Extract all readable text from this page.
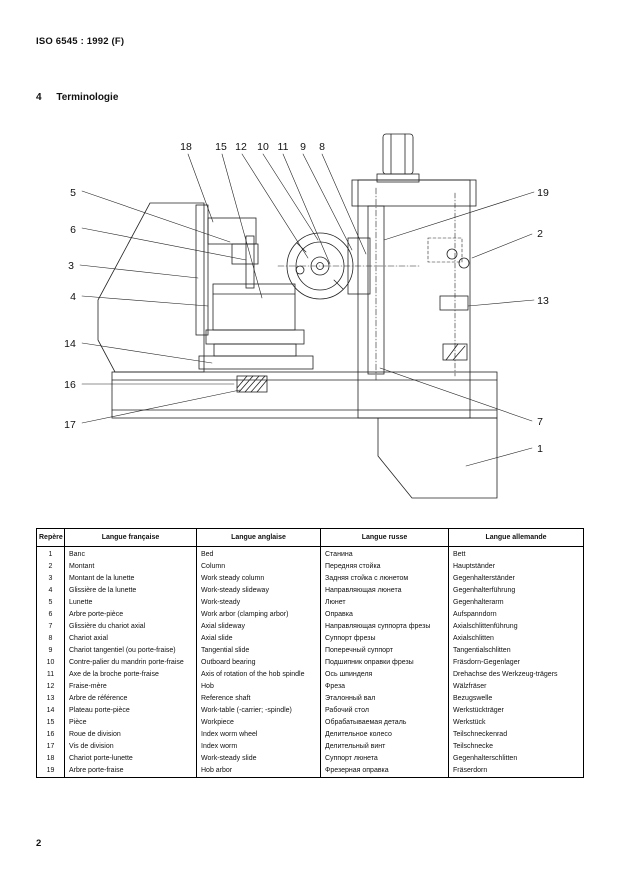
ISO 6545 : 1992 (F)
4 Terminologie
18 15 12 10 11 9 8
5
6
3
4
14
16
17
19
2
13
7
1
Repère	Langue française	Langue anglaise	Langue russe	Langue allemande
1	Banc	Bed	Станина	Bett
2	Montant	Column	Передняя стойка	Hauptständer
3	Montant de la lunette	Work steady column	Задняя стойка с люнетом	Gegenhalterständer
4	Glissière de la lunette	Work-steady slideway	Направляющая люнета	Gegenhalterführung
5	Lunette	Work-steady	Люнет	Gegenhalterarm
6	Arbre porte-pièce	Work arbor (clamping arbor)	Оправка	Aufspanndorn
7	Glissière du chariot axial	Axial slideway	Направляющая суппорта фрезы	Axialschlittenführung
8	Chariot axial	Axial slide	Суппорт фрезы	Axialschlitten
9	Chariot tangentiel (ou porte-fraise)	Tangential slide	Поперечный суппорт	Tangentialschlitten
10	Contre-palier du mandrin porte-fraise	Outboard bearing	Подшипник оправки фрезы	Fräsdorn-Gegenlager
11	Axe de la broche porte-fraise	Axis of rotation of the hob spindle	Ось шпинделя	Drehachse des Werkzeug-trägers
12	Fraise-mère	Hob	Фреза	Wälzfräser
13	Arbre de référence	Reference shaft	Эталонный вал	Bezugswelle
14	Plateau porte-pièce	Work-table (-carrier; -spindle)	Рабочий стол	Werkstückträger
15	Pièce	Workpiece	Обрабатываемая деталь	Werkstück
16	Roue de division	Index worm wheel	Делительное колесо	Teilschneckenrad
17	Vis de division	Index worm	Делительный винт	Teilschnecke
18	Chariot porte-lunette	Work-steady slide	Суппорт люнета	Gegenhalterschlitten
19	Arbre porte-fraise	Hob arbor	Фрезерная оправка	Fräserdorn
2
